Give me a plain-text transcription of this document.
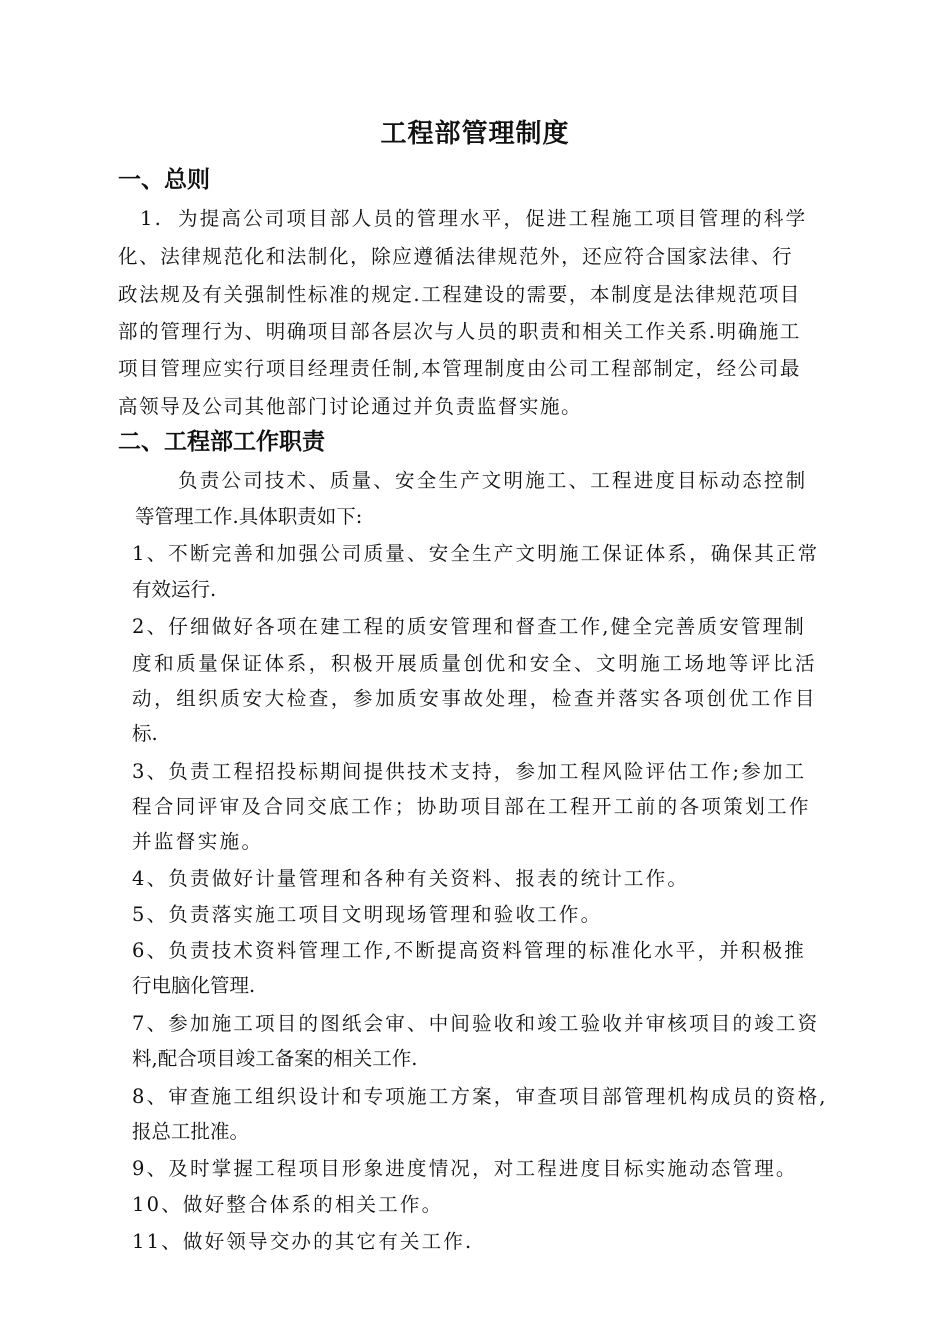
工程部管理制度
一、总则

1. 为提高公司项目部人员的管理水平，促进工程施工项目管理的科学

化、法律规范化和法制化，除应遵循法律规范外，还应符合国家法律、行

政法规及有关强制性标准的规定.工程建设的需要，本制度是法律规范项目

部的管理行为、明确项目部各层次与人员的职责和相关工作关系.明确施工

项目管理应实行项目经理责任制,本管理制度由公司工程部制定，经公司最

高领导及公司其他部门讨论通过并负责监督实施。

二、工程部工作职责

负责公司技术、质量、安全生产文明施工、工程进度目标动态控制

等管理工作.具体职责如下:

1、不断完善和加强公司质量、安全生产文明施工保证体系，确保其正常

有效运行.

2、仔细做好各项在建工程的质安管理和督查工作,健全完善质安管理制

度和质量保证体系，积极开展质量创优和安全、文明施工场地等评比活

动，组织质安大检查，参加质安事故处理，检查并落实各项创优工作目

标.

3、负责工程招投标期间提供技术支持，参加工程风险评估工作;参加工

程合同评审及合同交底工作；协助项目部在工程开工前的各项策划工作

并监督实施。

4、负责做好计量管理和各种有关资料、报表的统计工作。

5、负责落实施工项目文明现场管理和验收工作。

6、负责技术资料管理工作,不断提高资料管理的标准化水平，并积极推

行电脑化管理.

7、参加施工项目的图纸会审、中间验收和竣工验收并审核项目的竣工资

料,配合项目竣工备案的相关工作.

8、审查施工组织设计和专项施工方案，审查项目部管理机构成员的资格,

报总工批准。

9、及时掌握工程项目形象进度情况，对工程进度目标实施动态管理。

10、做好整合体系的相关工作。

11、做好领导交办的其它有关工作.
